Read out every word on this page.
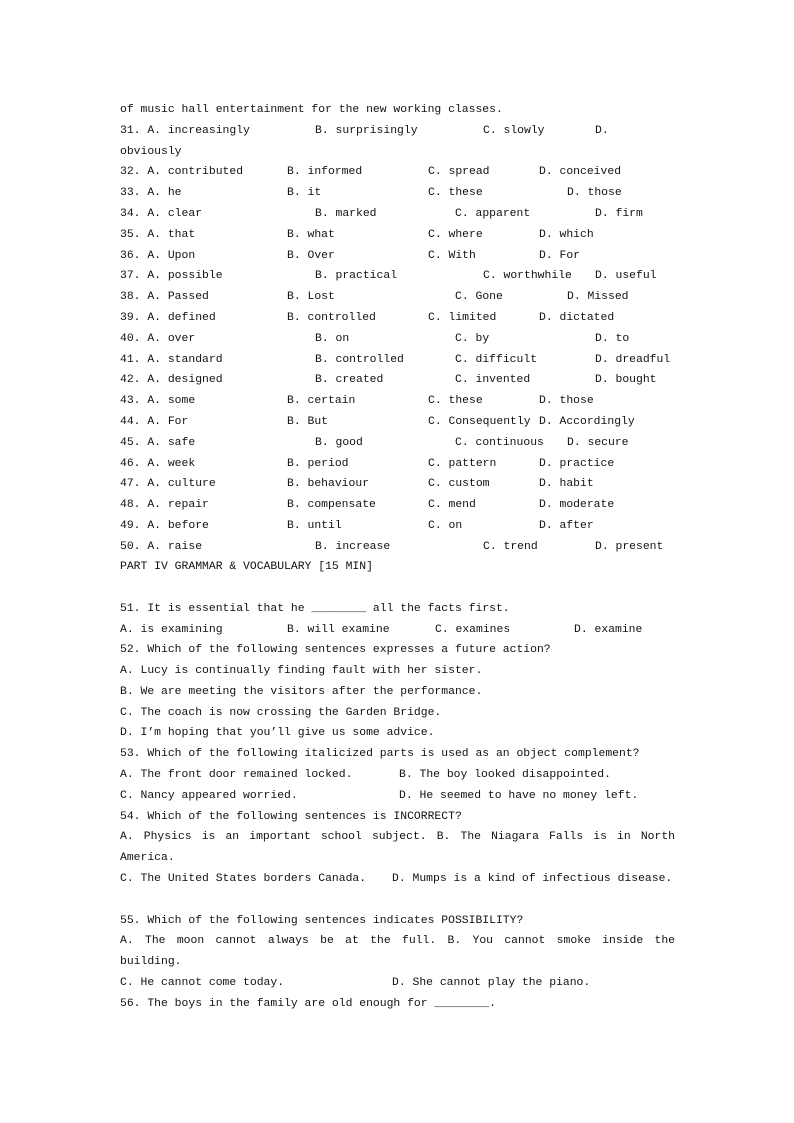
of music hall entertainment for the new working classes.
31. A. increasingly	B. surprisingly	C. slowly	D.
obviously
32. A. contributed	B. informed	C. spread	D. conceived
33. A. he	B. it	C. these	D. those
34. A. clear	B. marked	C. apparent	D. firm
35. A. that	B. what	C. where	D. which
36. A. Upon	B. Over	C. With	D. For
37. A. possible	B. practical	C. worthwhile D. useful
38. A. Passed	B. Lost	C. Gone	D. Missed
39. A. defined	B. controlled	C. limited	D. dictated
40. A. over	B. on	C. by	D. to
41. A. standard	B. controlled	C. difficult	D. dreadful
42. A. designed	B. created	C. invented	D. bought
43. A. some	B. certain	C. these	D. those
44. A. For	B. But	C. Consequently D. Accordingly
45. A. safe	B. good	C. continuous D. secure
46. A. week	B. period	C. pattern	D. practice
47. A. culture	B. behaviour	C. custom	D. habit
48. A. repair	B. compensate	C. mend	D. moderate
49. A. before	B. until	C. on	D. after
50. A. raise	B. increase	C. trend	D. present
PART IV GRAMMAR & VOCABULARY [15 MIN]
51. It is essential that he ________ all the facts first.

A. is examining

	B. will examine

	C. examines

	D. examine

52. Which of the following sentences expresses a future action?
A. Lucy is continually finding fault with her sister.
B. We are meeting the visitors after the performance.
C. The coach is now crossing the Garden Bridge.
D. I’m hoping that you’ll give us some advice.
53. Which of the following italicized parts is used as an object complement?

A. The front door remained locked.

	B. The boy looked disappointed.

C. Nancy appeared worried.

	D. He seemed to have no money left.

54. Which of the following sentences is INCORRECT?
A. Physics is an important school subject. B. The Niagara Falls is in North
America.

C. The United States borders Canada.

D. Mumps is a kind of infectious disease.

55. Which of the following sentences indicates POSSIBILITY?
A. The moon cannot always be at the full. B. You cannot smoke inside the
building.

C. He cannot come today.

	D. She cannot play the piano.

56. The boys in the family are old enough for ________.
